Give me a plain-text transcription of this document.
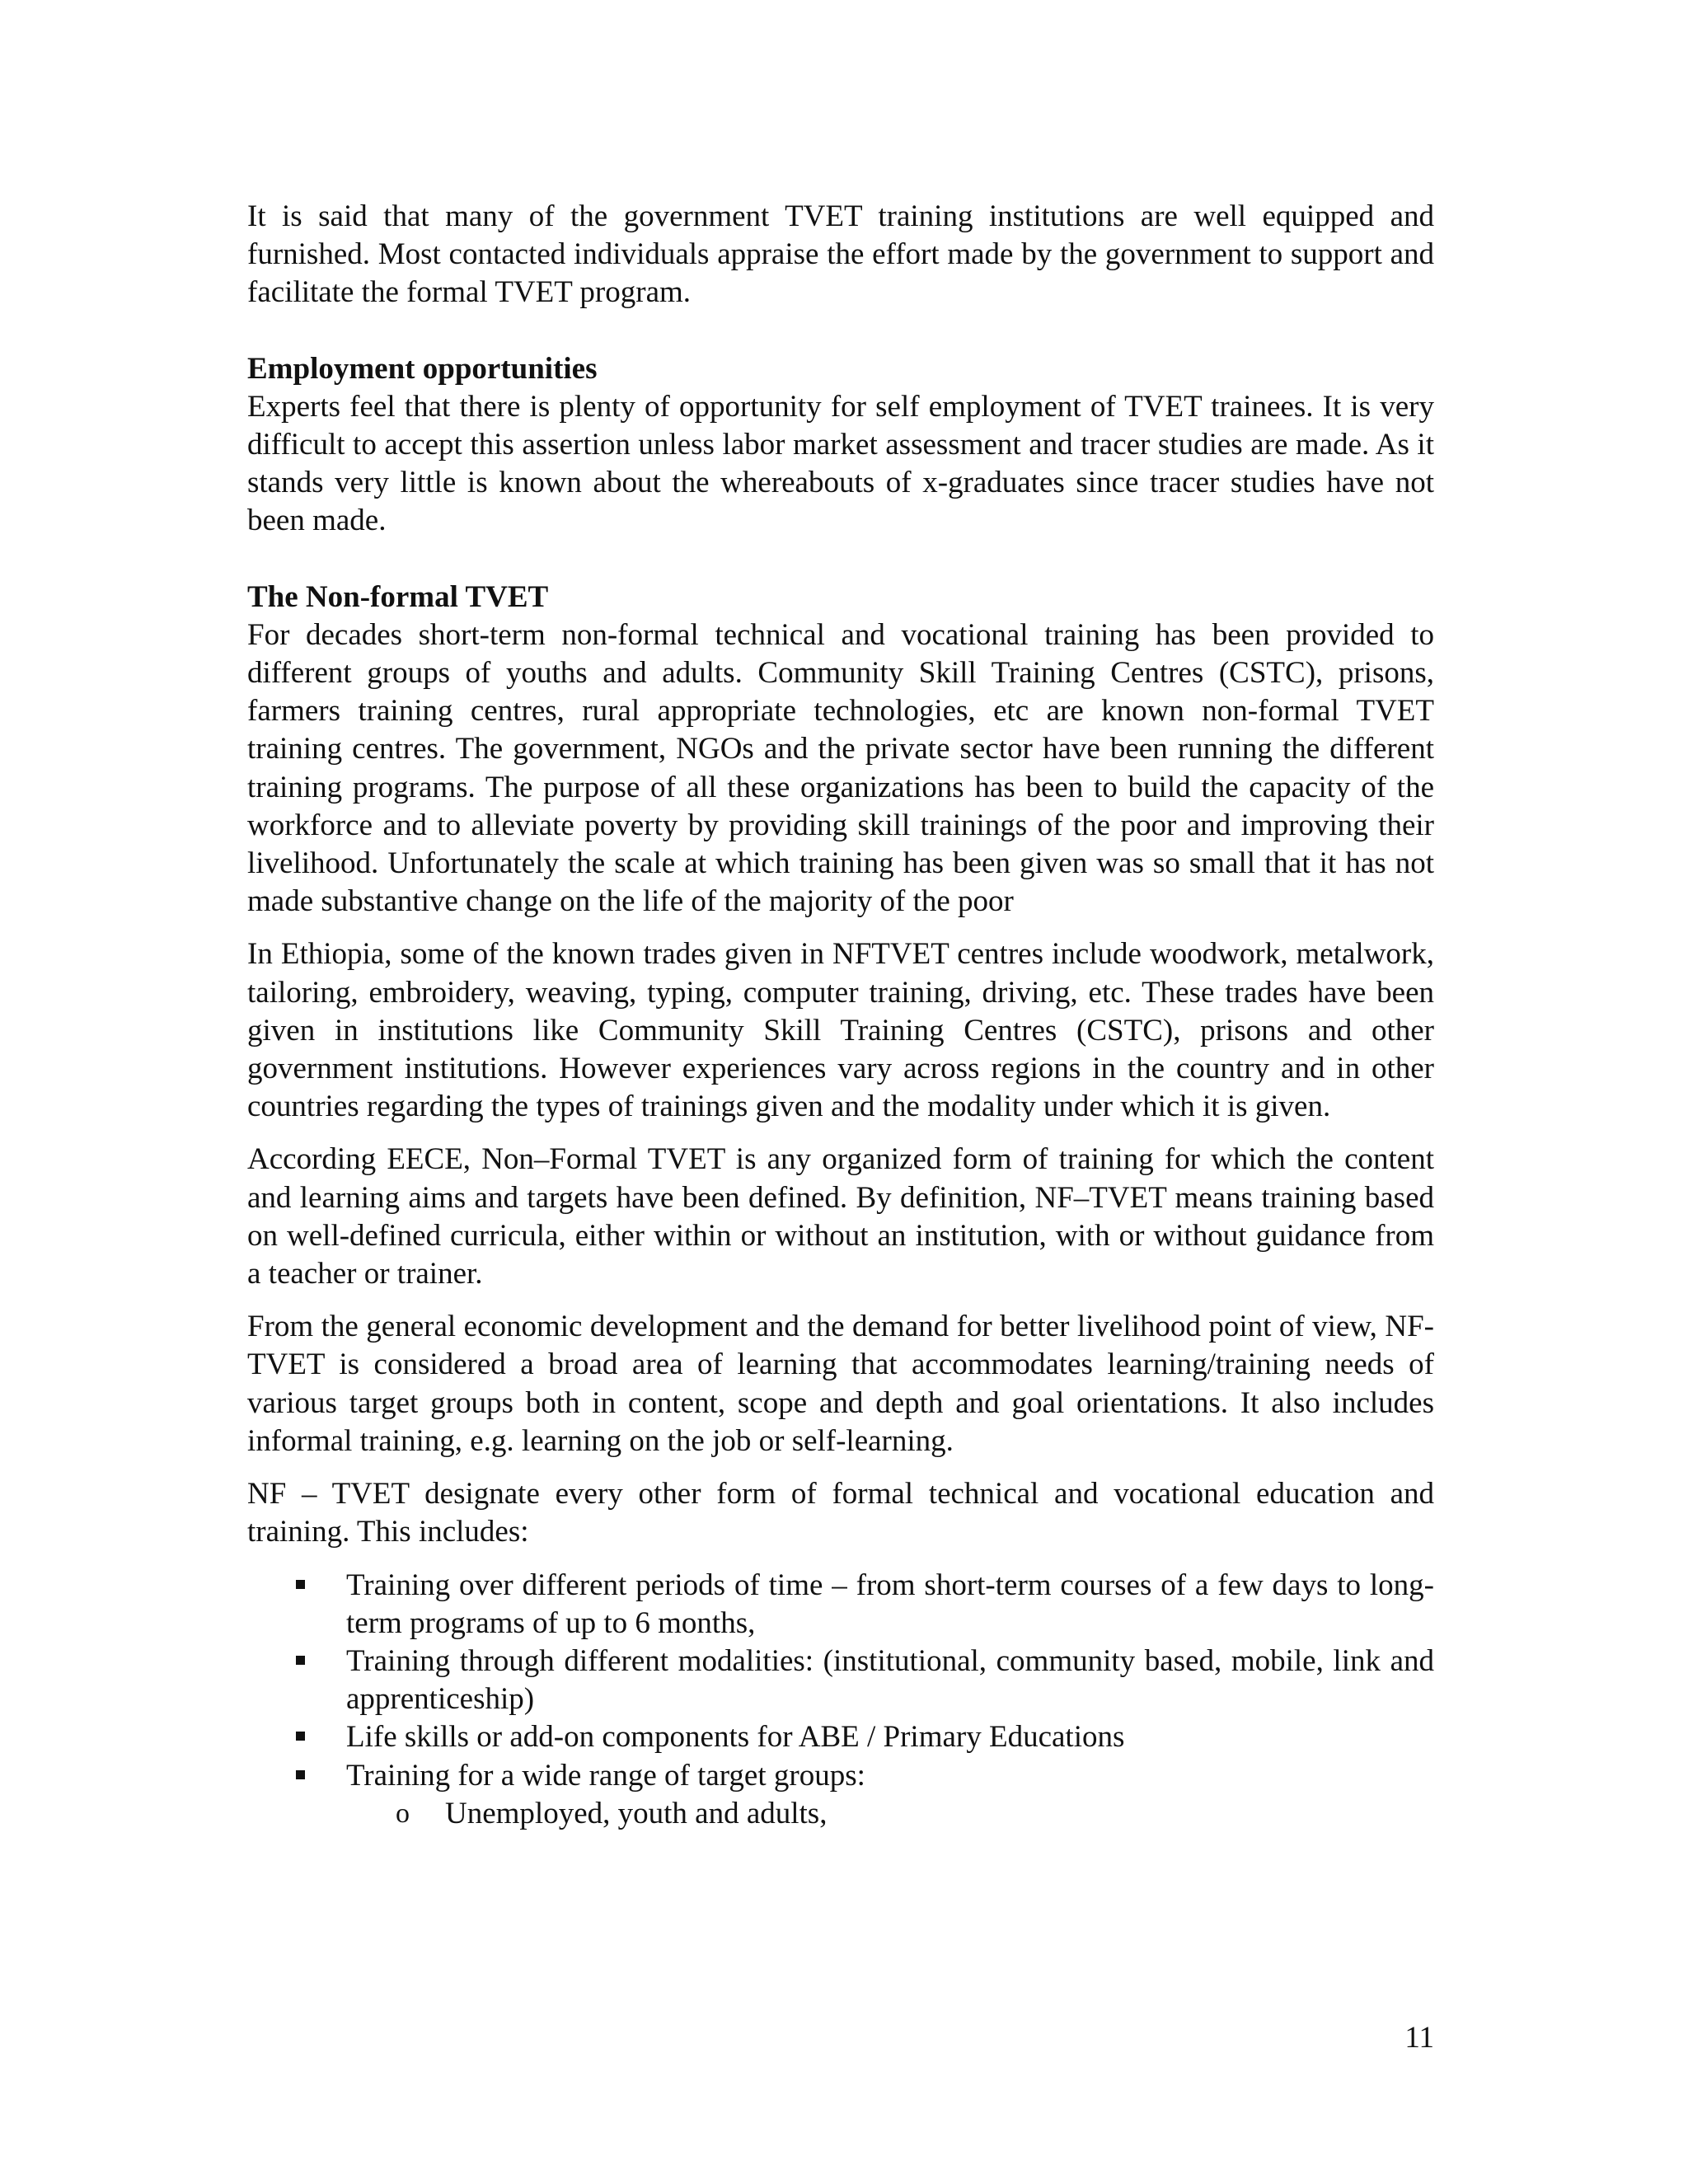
It is said that many of the government TVET training institutions are well equipped and furnished. Most contacted individuals appraise the effort made by the government to support and facilitate the formal TVET program.

Employment opportunities

Experts feel that there is plenty of opportunity for self employment of TVET trainees. It is very difficult to accept this assertion unless labor market assessment and tracer studies are made. As it stands very little is known about the whereabouts of x-graduates since tracer studies have not been made.

The Non-formal TVET

For decades short-term non-formal technical and vocational training has been provided to different groups of youths and adults. Community Skill Training Centres (CSTC), prisons, farmers training centres, rural appropriate technologies, etc are known non-formal TVET training centres. The government, NGOs and the private sector have been running the different training programs. The purpose of all these organizations has been to build the capacity of the workforce and to alleviate poverty by providing skill trainings of the poor and improving their livelihood. Unfortunately the scale at which training has been given was so small that it has not made substantive change on the life of the majority of the poor

In Ethiopia, some of the known trades given in NFTVET centres include woodwork, metalwork, tailoring, embroidery, weaving, typing, computer training, driving, etc. These trades have been given in institutions like Community Skill Training Centres (CSTC), prisons and other government institutions. However experiences vary across regions in the country and in other countries regarding the types of trainings given and the modality under which it is given.

According EECE, Non–Formal TVET is any organized form of training for which the content and learning aims and targets have been defined. By definition, NF–TVET means training based on well-defined curricula, either within or without an institution, with or without guidance from a teacher or trainer.

From the general economic development and the demand for better livelihood point of view, NF-TVET is considered a broad area of learning that accommodates learning/training needs of various target groups both in content, scope and depth and goal orientations. It also includes informal training, e.g. learning on the job or self-learning.

NF – TVET designate every other form of formal technical and vocational education and training. This includes:

Training over different periods of time – from short-term courses of a few days to long-term programs of up to 6 months,
Training through different modalities: (institutional, community based, mobile, link and apprenticeship)
Life skills or add-on components for ABE / Primary Educations
Training for a wide range of target groups:
o Unemployed, youth and adults,
11
